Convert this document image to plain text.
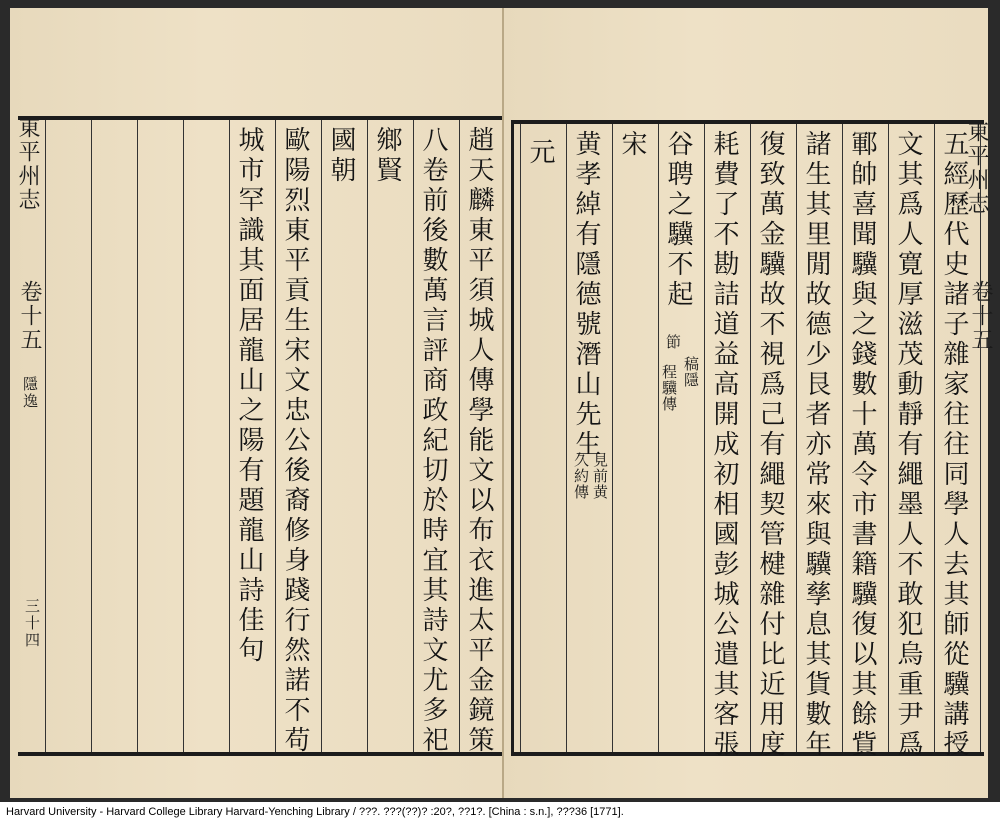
東平州志
卷十五
五經歷代史諸子雜家往往同學人去其師從驥講授
文其爲人寛厚滋茂動靜有繩墨人不敢犯烏重尹爲
鄆帥喜聞驥與之錢數十萬令市書籍驥復以其餘貲
諸生其里閒故德少艮者亦常來與驥孳息其貨數年
復致萬金驥故不視爲己有繩契管楗雜付比近用度
耗費了不勘詰道益高開成初相國彭城公遣其客張
谷聘之驥不起
節
程驥傳 稿隱
宋
黄孝綽有隱德號潛山先生
見前黄
久約傳
元
東平州志
卷十五
隱逸
三十四	趙天麟東平須城人傳學能文以布衣進太平金鏡策
八卷前後數萬言評商政紀切於時宜其詩文尤多祀
鄉賢
國朝
歐陽烈東平貢生宋文忠公後裔修身踐行然諾不苟
城市罕識其面居龍山之陽有題龍山詩佳句
Harvard University - Harvard College Library Harvard-Yenching Library / ???. ???(??)? :20?, ??1?. [China : s.n.], ???36 [1771].
